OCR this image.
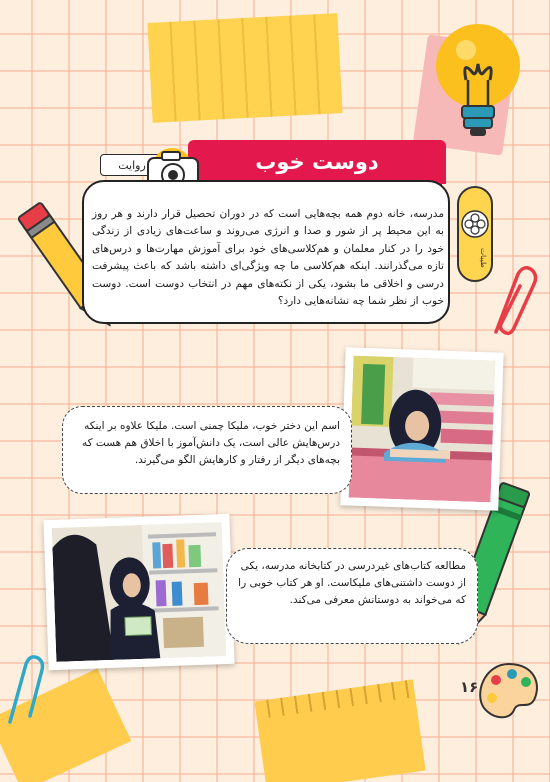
دوست خوب
روایت

مدرسه، خانه دوم همه بچه‌هایی است که در دوران تحصیل قرار دارند و هر روز به این محیط پر از شور و صدا و انرژی می‌روند و ساعت‌های زیادی از زندگی خود را در کنار معلمان و هم‌کلاسی‌های خود برای آموزش مهارت‌ها و درس‌های تازه می‌گذرانند. اینکه هم‌کلاسی ما چه ویژگی‌ای داشته باشد که باعث پیشرفت درسی و اخلاقی ما بشود، یکی از نکته‌های مهم در انتخاب دوست است. دوست خوب از نظر شما چه نشانه‌هایی دارد؟

طیبات

اسم این دختر خوب، ملیکا چمنی است. ملیکا علاوه بر اینکه درس‌هایش عالی است، یک دانش‌آموز با اخلاق هم هست که بچه‌های دیگر از رفتار و کارهایش الگو می‌گیرند.

مطالعه کتاب‌های غیردرسی در کتابخانه مدرسه، یکی از دوست داشتنی‌های ملیکاست. او هر کتاب خوبی را که می‌خواند به دوستانش معرفی می‌کند.

۱۶
